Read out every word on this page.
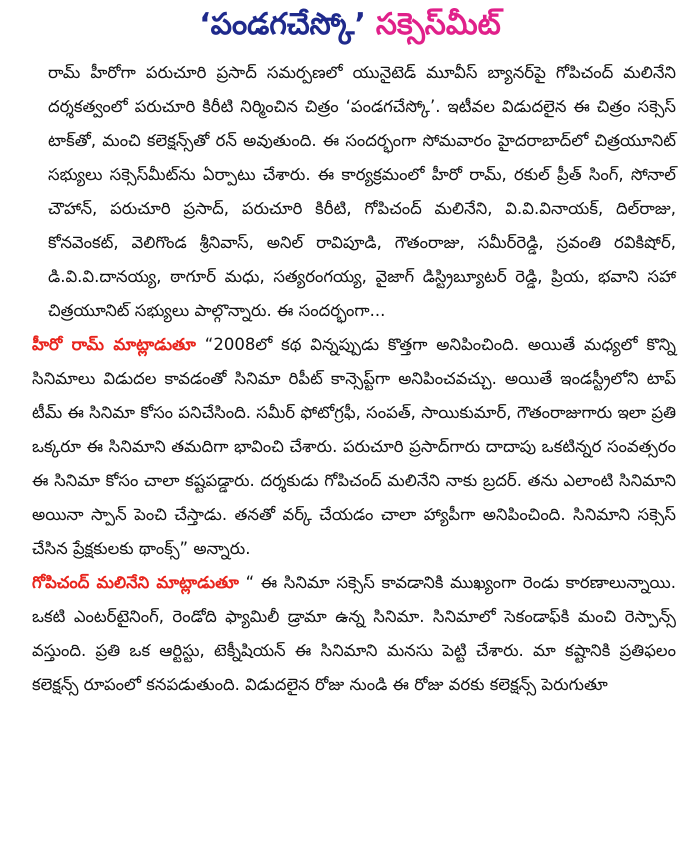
‘పండగచేస్కో’ సక్సెస్‌మీట్

రామ్ హీరోగా పరుచూరి ప్రసాద్ సమర్పణలో యునైటెడ్ మూవీస్ బ్యానర్‌పై గోపిచంద్ మలినేని దర్శకత్వంలో పరుచూరి కిరీటి నిర్మించిన చిత్రం ‘పండగచేస్కో’. ఇటీవల విడుదలైన ఈ చిత్రం సక్సెస్ టాక్‌తో, మంచి కలెక్షన్స్‌తో రన్ అవుతుంది. ఈ సందర్భంగా సోమవారం హైదరాబాద్‌లో చిత్రయూనిట్ సభ్యులు సక్సెస్‌మీట్‌ను ఏర్పాటు చేశారు. ఈ కార్యక్రమంలో హీరో రామ్, రకుల్ ప్రీత్ సింగ్, సోనాల్ చౌహాన్, పరుచూరి ప్రసాద్, పరుచూరి కిరీటి, గోపిచంద్ మలినేని, వి.వి.వినాయక్, దిల్‌రాజు, కోనవెంకట్, వెలిగొండ శ్రీనివాస్, అనిల్ రావిపూడి, గౌతంరాజు, సమీర్‌రెడ్డి, స్రవంతి రవికిషోర్, డి.వి.వి.దానయ్య, ఠాగూర్ మధు, సత్యరంగయ్య, వైజాగ్ డిస్ట్రిబ్యూటర్ రెడ్డి, ప్రియ, భవాని సహా చిత్రయూనిట్ సభ్యులు పాల్గొన్నారు. ఈ సందర్భంగా...

హీరో రామ్ మాట్లాడుతూ “2008లో కథ విన్నప్పుడు కొత్తగా అనిపించింది. అయితే మధ్యలో కొన్ని సినిమాలు విడుదల కావడంతో సినిమా రిపీట్ కాన్సెప్ట్‌గా అనిపించవచ్చు. అయితే ఇండస్ట్రీలోని టాప్ టీమ్ ఈ సినిమా కోసం పనిచేసింది. సమీర్ ఫోటోగ్రఫీ, సంపత్, సాయికుమార్, గౌతంరాజుగారు ఇలా ప్రతి ఒక్కరూ ఈ సినిమాని తమదిగా భావించి చేశారు. పరుచూరి ప్రసాద్‌గారు దాదాపు ఒకటిన్నర సంవత్సరం ఈ సినిమా కోసం చాలా కష్టపడ్డారు. దర్శకుడు గోపిచంద్ మలినేని నాకు బ్రదర్. తను ఎలాంటి సినిమాని అయినా స్పాన్ పెంచి చేస్తాడు. తనతో వర్క్ చేయడం చాలా హ్యాపీగా అనిపించింది. సినిమాని సక్సెస్ చేసిన ప్రేక్షకులకు థాంక్స్” అన్నారు.

గోపిచంద్ మలినేని మాట్లాడుతూ “ ఈ సినిమా సక్సెస్ కావడానికి ముఖ్యంగా రెండు కారణాలున్నాయి. ఒకటి ఎంటర్‌టైనింగ్, రెండోది ఫ్యామిలీ డ్రామా ఉన్న సినిమా. సినిమాలో సెకండాఫ్‌కి మంచి రెస్పాన్స్ వస్తుంది. ప్రతి ఒక ఆర్టిస్టు, టెక్నీషియన్ ఈ సినిమాని మనసు పెట్టి చేశారు. మా కష్టానికి ప్రతిఫలం కలెక్షన్స్ రూపంలో కనపడుతుంది. విడుదలైన రోజు నుండి ఈ రోజు వరకు కలెక్షన్స్ పెరుగుతూ
